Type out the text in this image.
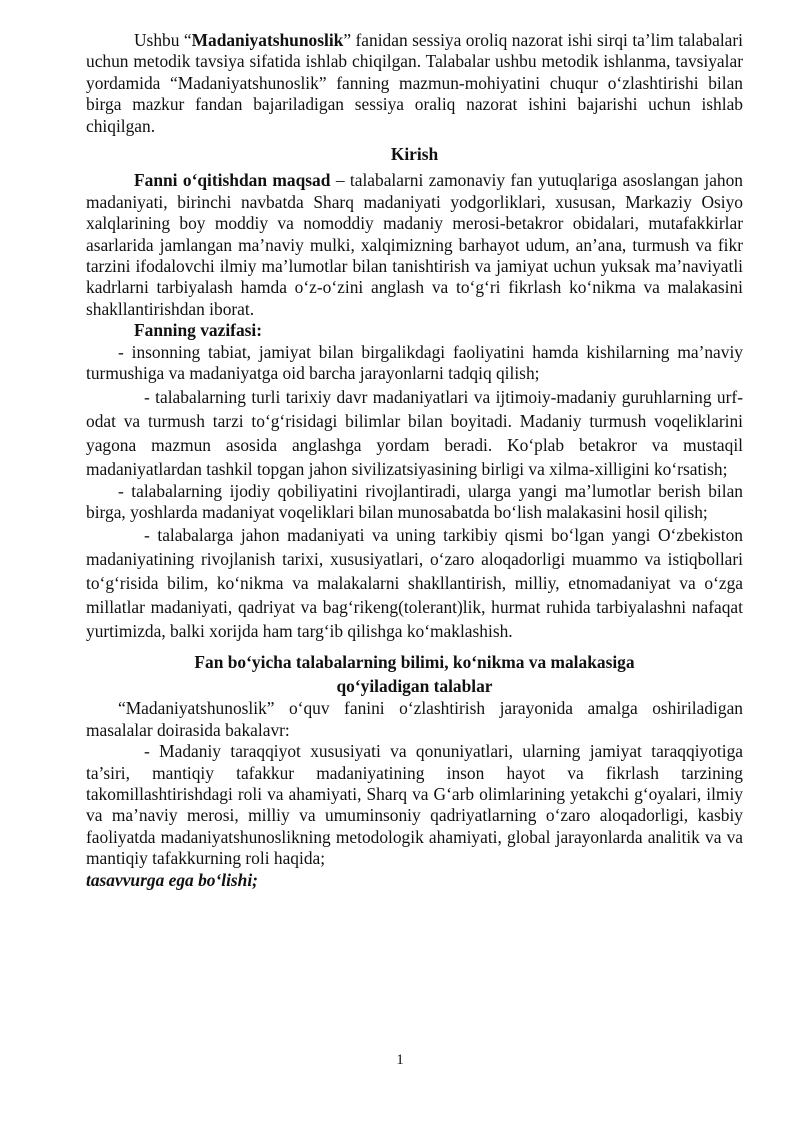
Ushbu “Madaniyatshunoslik” fanidan sessiya oroliq nazorat ishi sirqi ta’lim talabalari uchun metodik tavsiya sifatida ishlab chiqilgan. Talabalar ushbu metodik ishlanma, tavsiyalar yordamida “Madaniyatshunoslik” fanning mazmun-mohiyatini chuqur o‘zlashtirishi bilan birga mazkur fandan bajariladigan sessiya oraliq nazorat ishini bajarishi uchun ishlab chiqilgan.

Kirish

Fanni o‘qitishdan maqsad – talabalarni zamonaviy fan yutuqlariga asoslangan jahon madaniyati, birinchi navbatda Sharq madaniyati yodgorliklari, xususan, Markaziy Osiyo xalqlarining boy moddiy va nomoddiy madaniy merosi-betakror obidalari, mutafakkirlar asarlarida jamlangan ma’naviy mulki, xalqimizning barhayot udum, an’ana, turmush va fikr tarzini ifodalovchi ilmiy ma’lumotlar bilan tanishtirish va jamiyat uchun yuksak ma’naviyatli kadrlarni tarbiyalash hamda o‘z-o‘zini anglash va to‘g‘ri fikrlash ko‘nikma va malakasini shakllantirishdan iborat.

Fanning vazifasi:

- insonning tabiat, jamiyat bilan birgalikdagi faoliyatini hamda kishilarning ma’naviy turmushiga va madaniyatga oid barcha jarayonlarni tadqiq qilish;

- talabalarning turli tarixiy davr madaniyatlari va ijtimoiy-madaniy guruhlarning urf-odat va turmush tarzi to‘g‘risidagi bilimlar bilan boyitadi. Madaniy turmush voqeliklarini yagona mazmun asosida anglashga yordam beradi. Ko‘plab betakror va mustaqil madaniyatlardan tashkil topgan jahon sivilizatsiyasining birligi va xilma-xilligini ko‘rsatish;

- talabalarning ijodiy qobiliyatini rivojlantiradi, ularga yangi ma’lumotlar berish bilan birga, yoshlarda madaniyat voqeliklari bilan munosabatda bo‘lish malakasini hosil qilish;

- talabalarga jahon madaniyati va uning tarkibiy qismi bo‘lgan yangi O‘zbekiston madaniyatining rivojlanish tarixi, xususiyatlari, o‘zaro aloqadorligi muammo va istiqbollari to‘g‘risida bilim, ko‘nikma va malakalarni shakllantirish, milliy, etnomadaniyat va o‘zga millatlar madaniyati, qadriyat va bag‘rikeng(tolerant)lik, hurmat ruhida tarbiyalashni nafaqat yurtimizda, balki xorijda ham targ‘ib qilishga ko‘maklashish.

Fan bo‘yicha talabalarning bilimi, ko‘nikma va malakasiga

qo‘yiladigan talablar

“Madaniyatshunoslik” o‘quv fanini o‘zlashtirish jarayonida amalga oshiriladigan masalalar doirasida bakalavr:

- Madaniy taraqqiyot xususiyati va qonuniyatlari, ularning jamiyat taraqqiyotiga ta’siri, mantiqiy tafakkur madaniyatining inson hayot va fikrlash tarzining takomillashtirishdagi roli va ahamiyati, Sharq va G‘arb olimlarining yetakchi g‘oyalari, ilmiy va ma’naviy merosi, milliy va umuminsoniy qadriyatlarning o‘zaro aloqadorligi, kasbiy faoliyatda madaniyatshunoslikning metodologik ahamiyati, global jarayonlarda analitik va va mantiqiy tafakkurning roli haqida;

tasavvurga ega bo‘lishi;

1
